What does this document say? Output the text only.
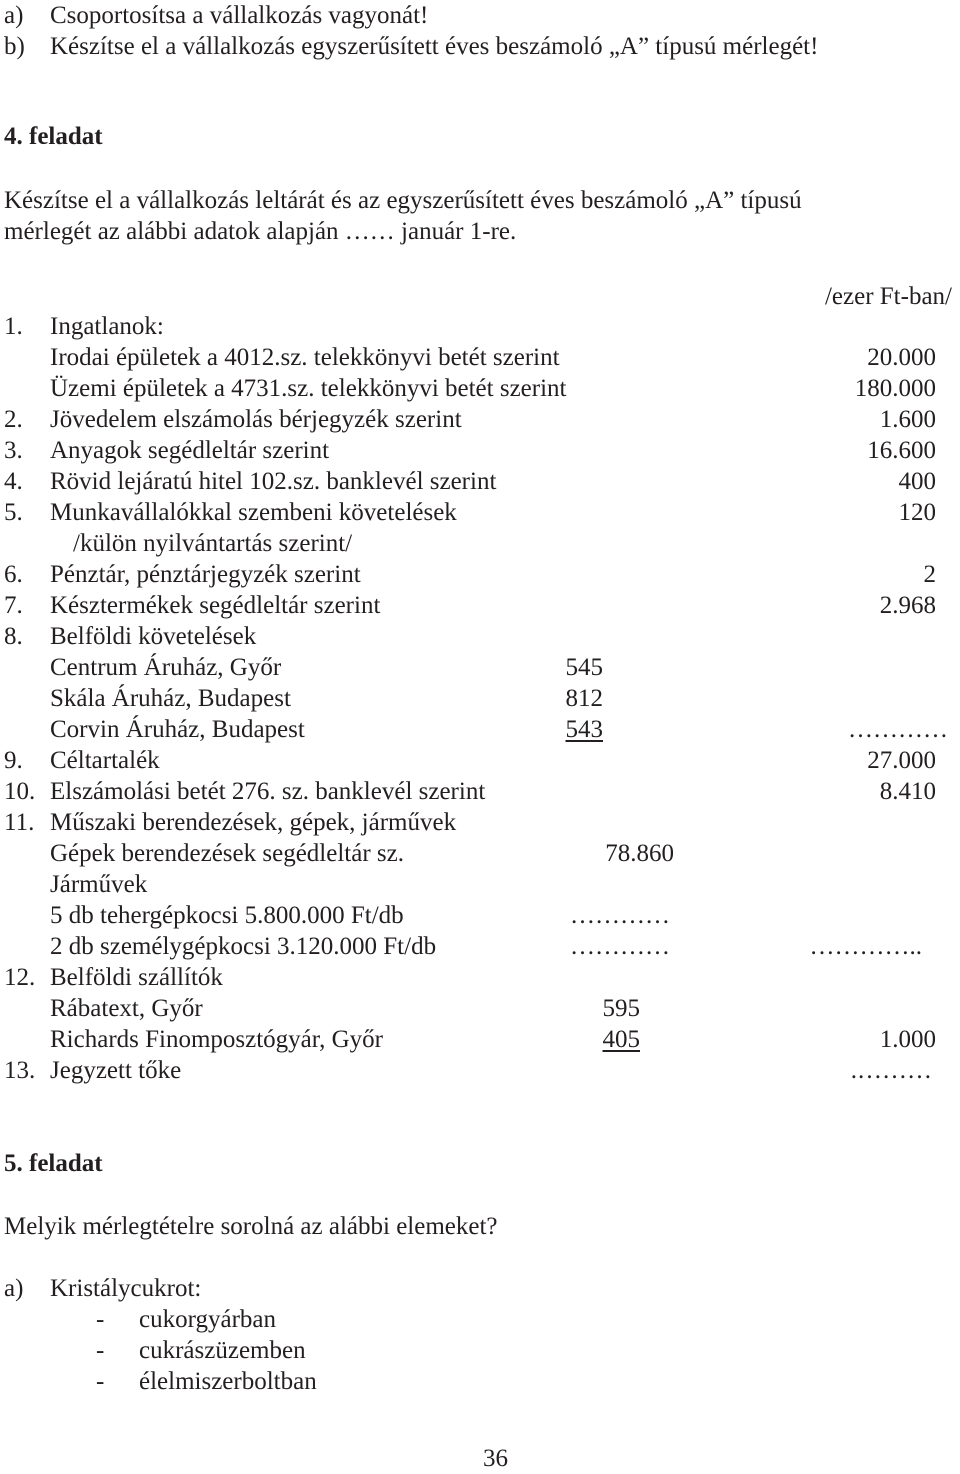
a) Csoportosítsa a vállalkozás vagyonát!
b) Készítse el a vállalkozás egyszerűsített éves beszámoló „A” típusú mérlegét!
4. feladat
Készítse el a vállalkozás leltárát és az egyszerűsített éves beszámoló „A” típusú
mérlegét az alábbi adatok alapján …… január 1-re.
/ezer Ft-ban/
1. Ingatlanok:
Irodai épületek a 4012.sz. telekkönyvi betét szerint	20.000
Üzemi épületek a 4731.sz. telekkönyvi betét szerint	180.000
2. Jövedelem elszámolás bérjegyzék szerint	1.600
3. Anyagok segédleltár szerint	16.600
4. Rövid lejáratú hitel 102.sz. banklevél szerint	400
5. Munkavállalókkal szembeni követelések	120
/külön nyilvántartás szerint/
6. Pénztár, pénztárjegyzék szerint	2
7. Késztermékek segédleltár szerint	2.968
8. Belföldi követelések
Centrum Áruház, Győr	545
Skála Áruház, Budapest	812
Corvin Áruház, Budapest	543	…………
9. Céltartalék	27.000
10. Elszámolási betét 276. sz. banklevél szerint	8.410
11. Műszaki berendezések, gépek, járművek
Gépek berendezések segédleltár sz.	78.860
Járművek
5 db tehergépkocsi 5.800.000 Ft/db	…………
2 db személygépkocsi 3.120.000 Ft/db	…………	…………..
12. Belföldi szállítók
Rábatext, Győr	595
Richards Finomposztógyár, Győr	405	1.000
13. Jegyzett tőke	.………
5. feladat
Melyik mérlegtételre sorolná az alábbi elemeket?
a) Kristálycukrot:
- cukorgyárban
- cukrászüzemben
- élelmiszerboltban
36
